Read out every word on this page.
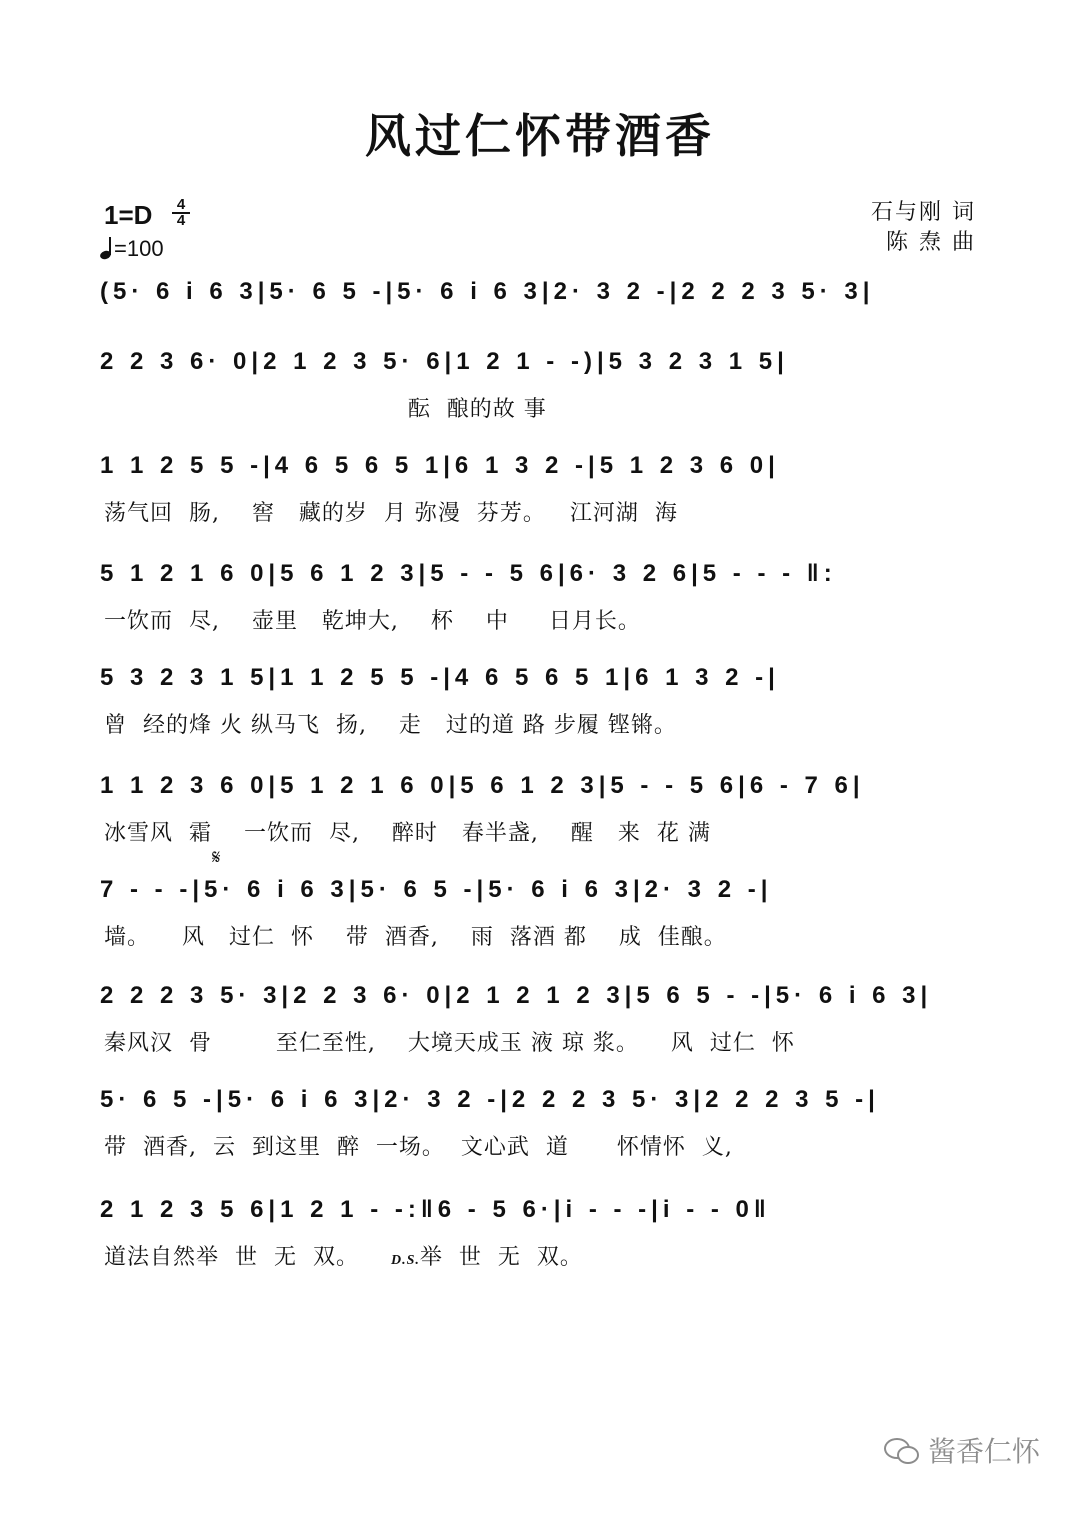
风过仁怀带酒香
$1=D \frac{4}{4}$
=100
石与刚 词
陈 焘 曲
(5· 6 i 6 3|5· 6 5 -|5· 6 i 6 3|2· 3 2 -|2 2 2 3 5· 3|
2 2 3 6· 0|2 1 2 3 5· 6|1 2 1 - -)|5 3 2 3 1 5|
酝  酿的故 事
1 1 2 5 5 -|4 6 5 6 5 1|6 1 3 2 -|5 1 2 3 6 0|
荡气回  肠,    窖   藏的岁  月 弥漫  芬芳。   江河湖  海
5 1 2 1 6 0|5 6 1 2 3|5 - - 5 6|6· 3 2 6|5 - - - ‖:
一饮而  尽,    壶里   乾坤大,    杯    中     日月长。
5 3 2 3 1 5|1 1 2 5 5 -|4 6 5 6 5 1|6 1 3 2 -|
曾  经的烽 火 纵马飞  扬,    走   过的道 路 步履 铿锵。
1 1 2 3 6 0|5 1 2 1 6 0|5 6 1 2 3|5 - - 5 6|6 - 7 6|
冰雪风  霜    一饮而  尽,    醉时   春半盏,    醒   来  花 满
𝄋
7 - - -|5· 6 i 6 3|5· 6 5 -|5· 6 i 6 3|2· 3 2 -|
墙。    风   过仁  怀    带  酒香,    雨  落酒 都    成  佳酿。
2 2 2 3 5· 3|2 2 3 6· 0|2 1 2 1 2 3|5 6 5 - -|5· 6 i 6 3|
秦风汉  骨        至仁至性,    大境天成玉 液 琼 浆。    风  过仁  怀
5· 6 5 -|5· 6 i 6 3|2· 3 2 -|2 2 2 3 5· 3|2 2 2 3 5 -|
带  酒香,  云  到这里  醉  一场。  文心武  道      怀情怀  义,
2 1 2 3 5 6|1 2 1 - -:‖6 - 5 6·|i - - -|i - - 0‖
道法自然举  世  无  双。 D.S.举  世  无  双。
酱香仁怀
